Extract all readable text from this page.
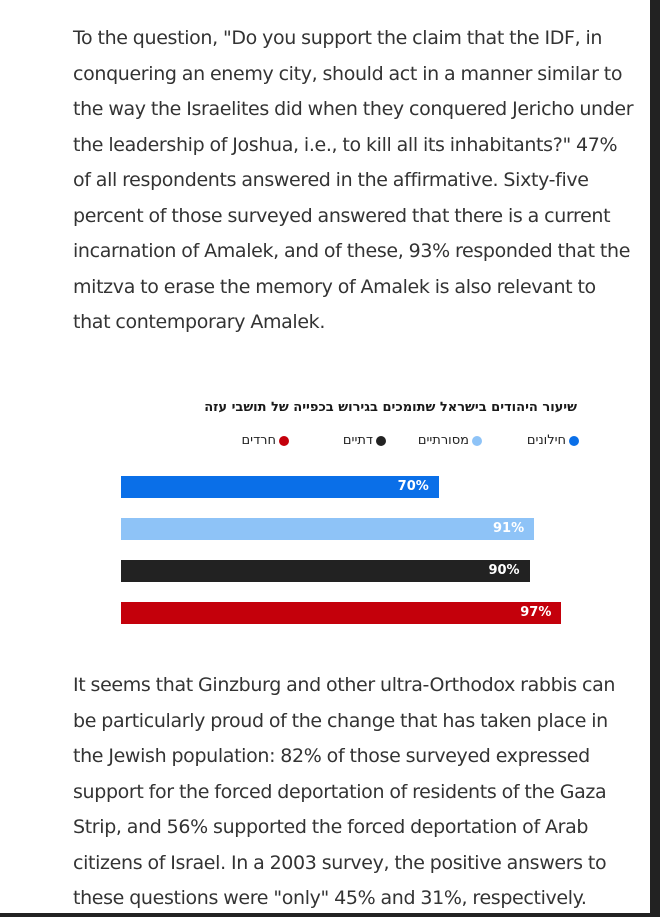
To the question, "Do you support the claim that the IDF, in conquering an enemy city, should act in a manner similar to the way the Israelites did when they conquered Jericho under the leadership of Joshua, i.e., to kill all its inhabitants?" 47% of all respondents answered in the affirmative. Sixty-five percent of those surveyed answered that there is a current incarnation of Amalek, and of these, 93% responded that the mitzva to erase the memory of Amalek is also relevant to that contemporary Amalek.

שיעור היהודים בישראל שתומכים בגירוש בכפייה של תושבי עזה
חילונים
מסורתיים
דתיים
חרדים
70%
91%
90%
97%

It seems that Ginzburg and other ultra-Orthodox rabbis can be particularly proud of the change that has taken place in the Jewish population: 82% of those surveyed expressed support for the forced deportation of residents of the Gaza Strip, and 56% supported the forced deportation of Arab citizens of Israel. In a 2003 survey, the positive answers to these questions were "only" 45% and 31%, respectively.
